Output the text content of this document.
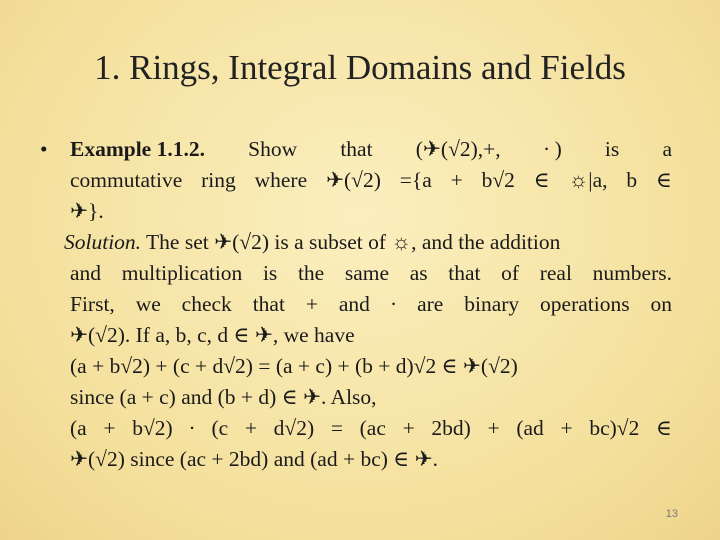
1. Rings, Integral Domains and Fields
• Example 1.1.2. Show that (✈(√2),+, ∙ ) is a
commutative ring where ✈(√2) ={a + b√2 ∈ ☼|a, b ∈
✈}.
Solution. The set ✈(√2) is a subset of ☼, and the addition
and multiplication is the same as that of real numbers.
First, we check that + and ∙ are binary operations on
✈(√2). If a, b, c, d ∈ ✈, we have
(a + b√2) + (c + d√2) = (a + c) + (b + d)√2 ∈ ✈(√2)
since (a + c) and (b + d) ∈ ✈. Also,
(a + b√2) ∙ (c + d√2) = (ac + 2bd) + (ad + bc)√2 ∈
✈(√2) since (ac + 2bd) and (ad + bc) ∈ ✈.
13
